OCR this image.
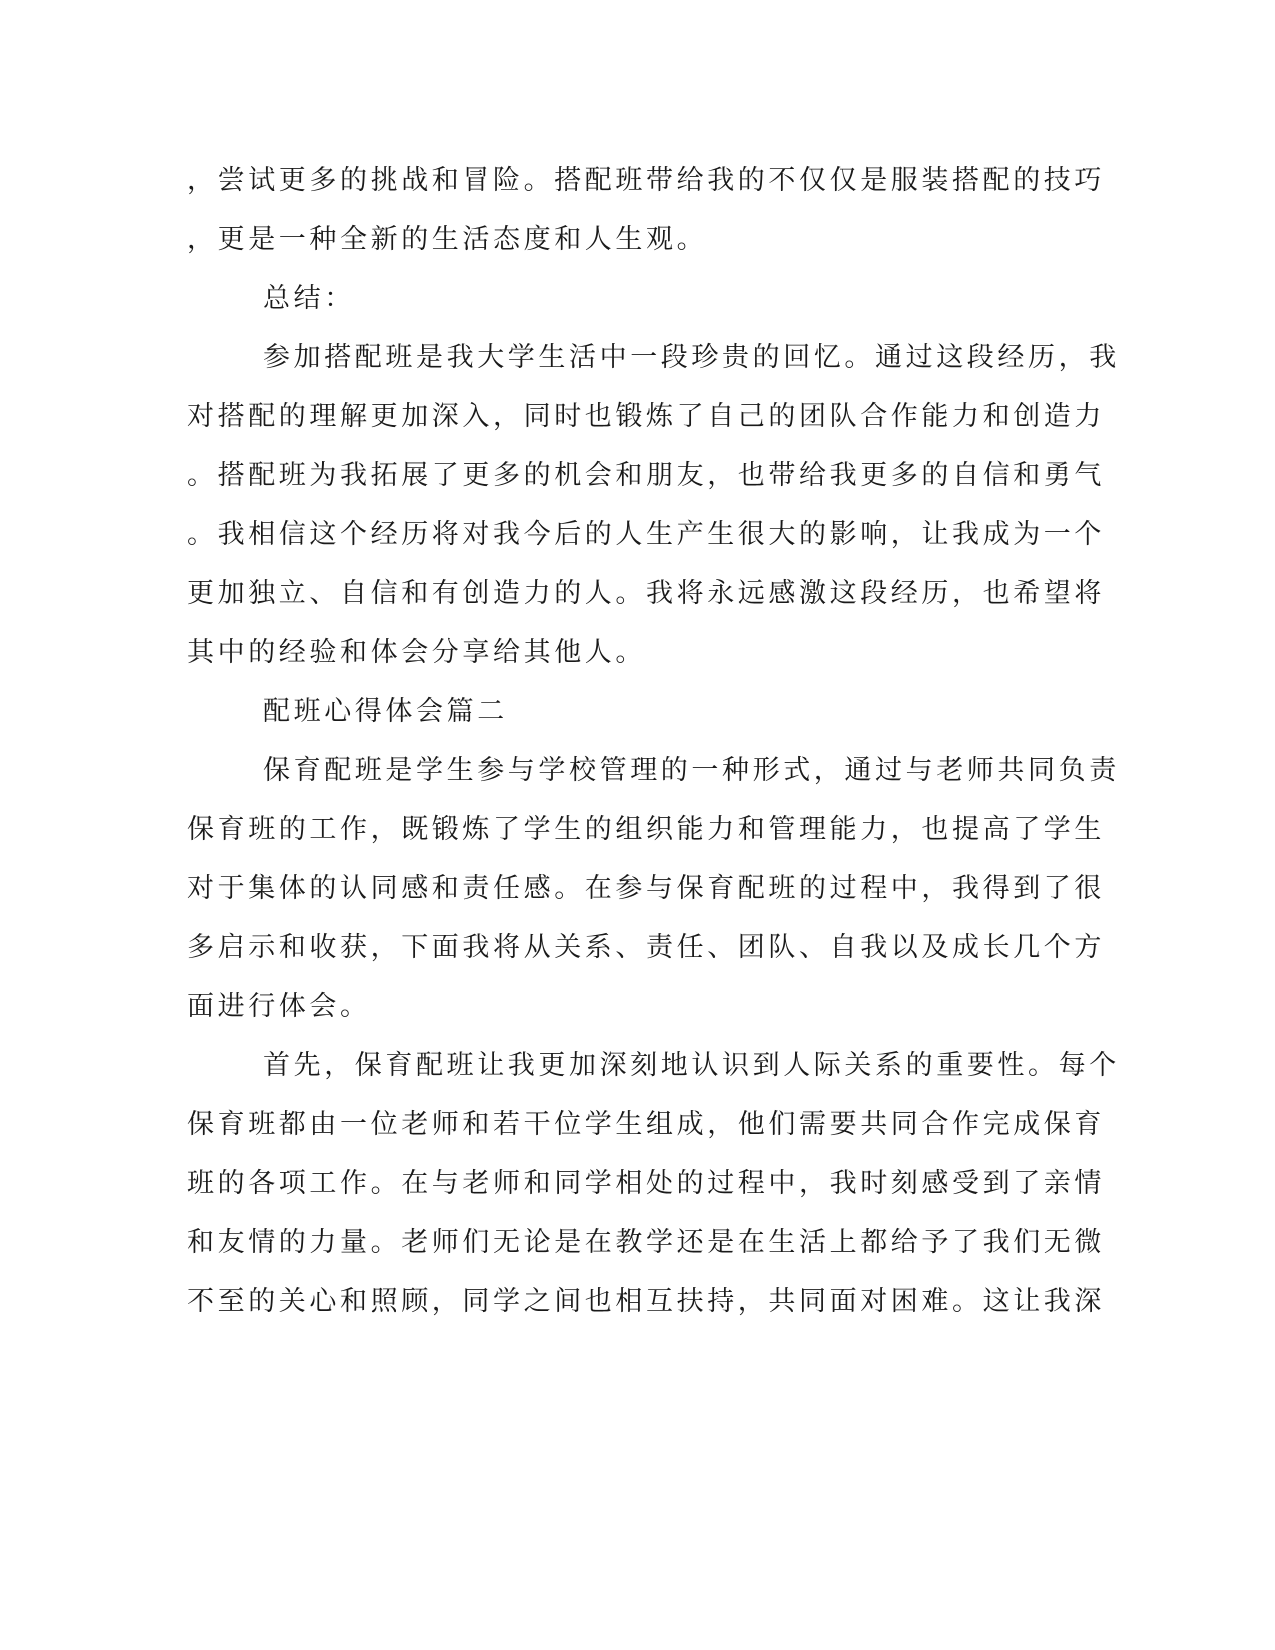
，尝试更多的挑战和冒险。搭配班带给我的不仅仅是服装搭配的技巧
，更是一种全新的生活态度和人生观。
总结：
参加搭配班是我大学生活中一段珍贵的回忆。通过这段经历，我
对搭配的理解更加深入，同时也锻炼了自己的团队合作能力和创造力
。搭配班为我拓展了更多的机会和朋友，也带给我更多的自信和勇气
。我相信这个经历将对我今后的人生产生很大的影响，让我成为一个
更加独立、自信和有创造力的人。我将永远感激这段经历，也希望将
其中的经验和体会分享给其他人。
配班心得体会篇二
保育配班是学生参与学校管理的一种形式，通过与老师共同负责
保育班的工作，既锻炼了学生的组织能力和管理能力，也提高了学生
对于集体的认同感和责任感。在参与保育配班的过程中，我得到了很
多启示和收获，下面我将从关系、责任、团队、自我以及成长几个方
面进行体会。
首先，保育配班让我更加深刻地认识到人际关系的重要性。每个
保育班都由一位老师和若干位学生组成，他们需要共同合作完成保育
班的各项工作。在与老师和同学相处的过程中，我时刻感受到了亲情
和友情的力量。老师们无论是在教学还是在生活上都给予了我们无微
不至的关心和照顾，同学之间也相互扶持，共同面对困难。这让我深
